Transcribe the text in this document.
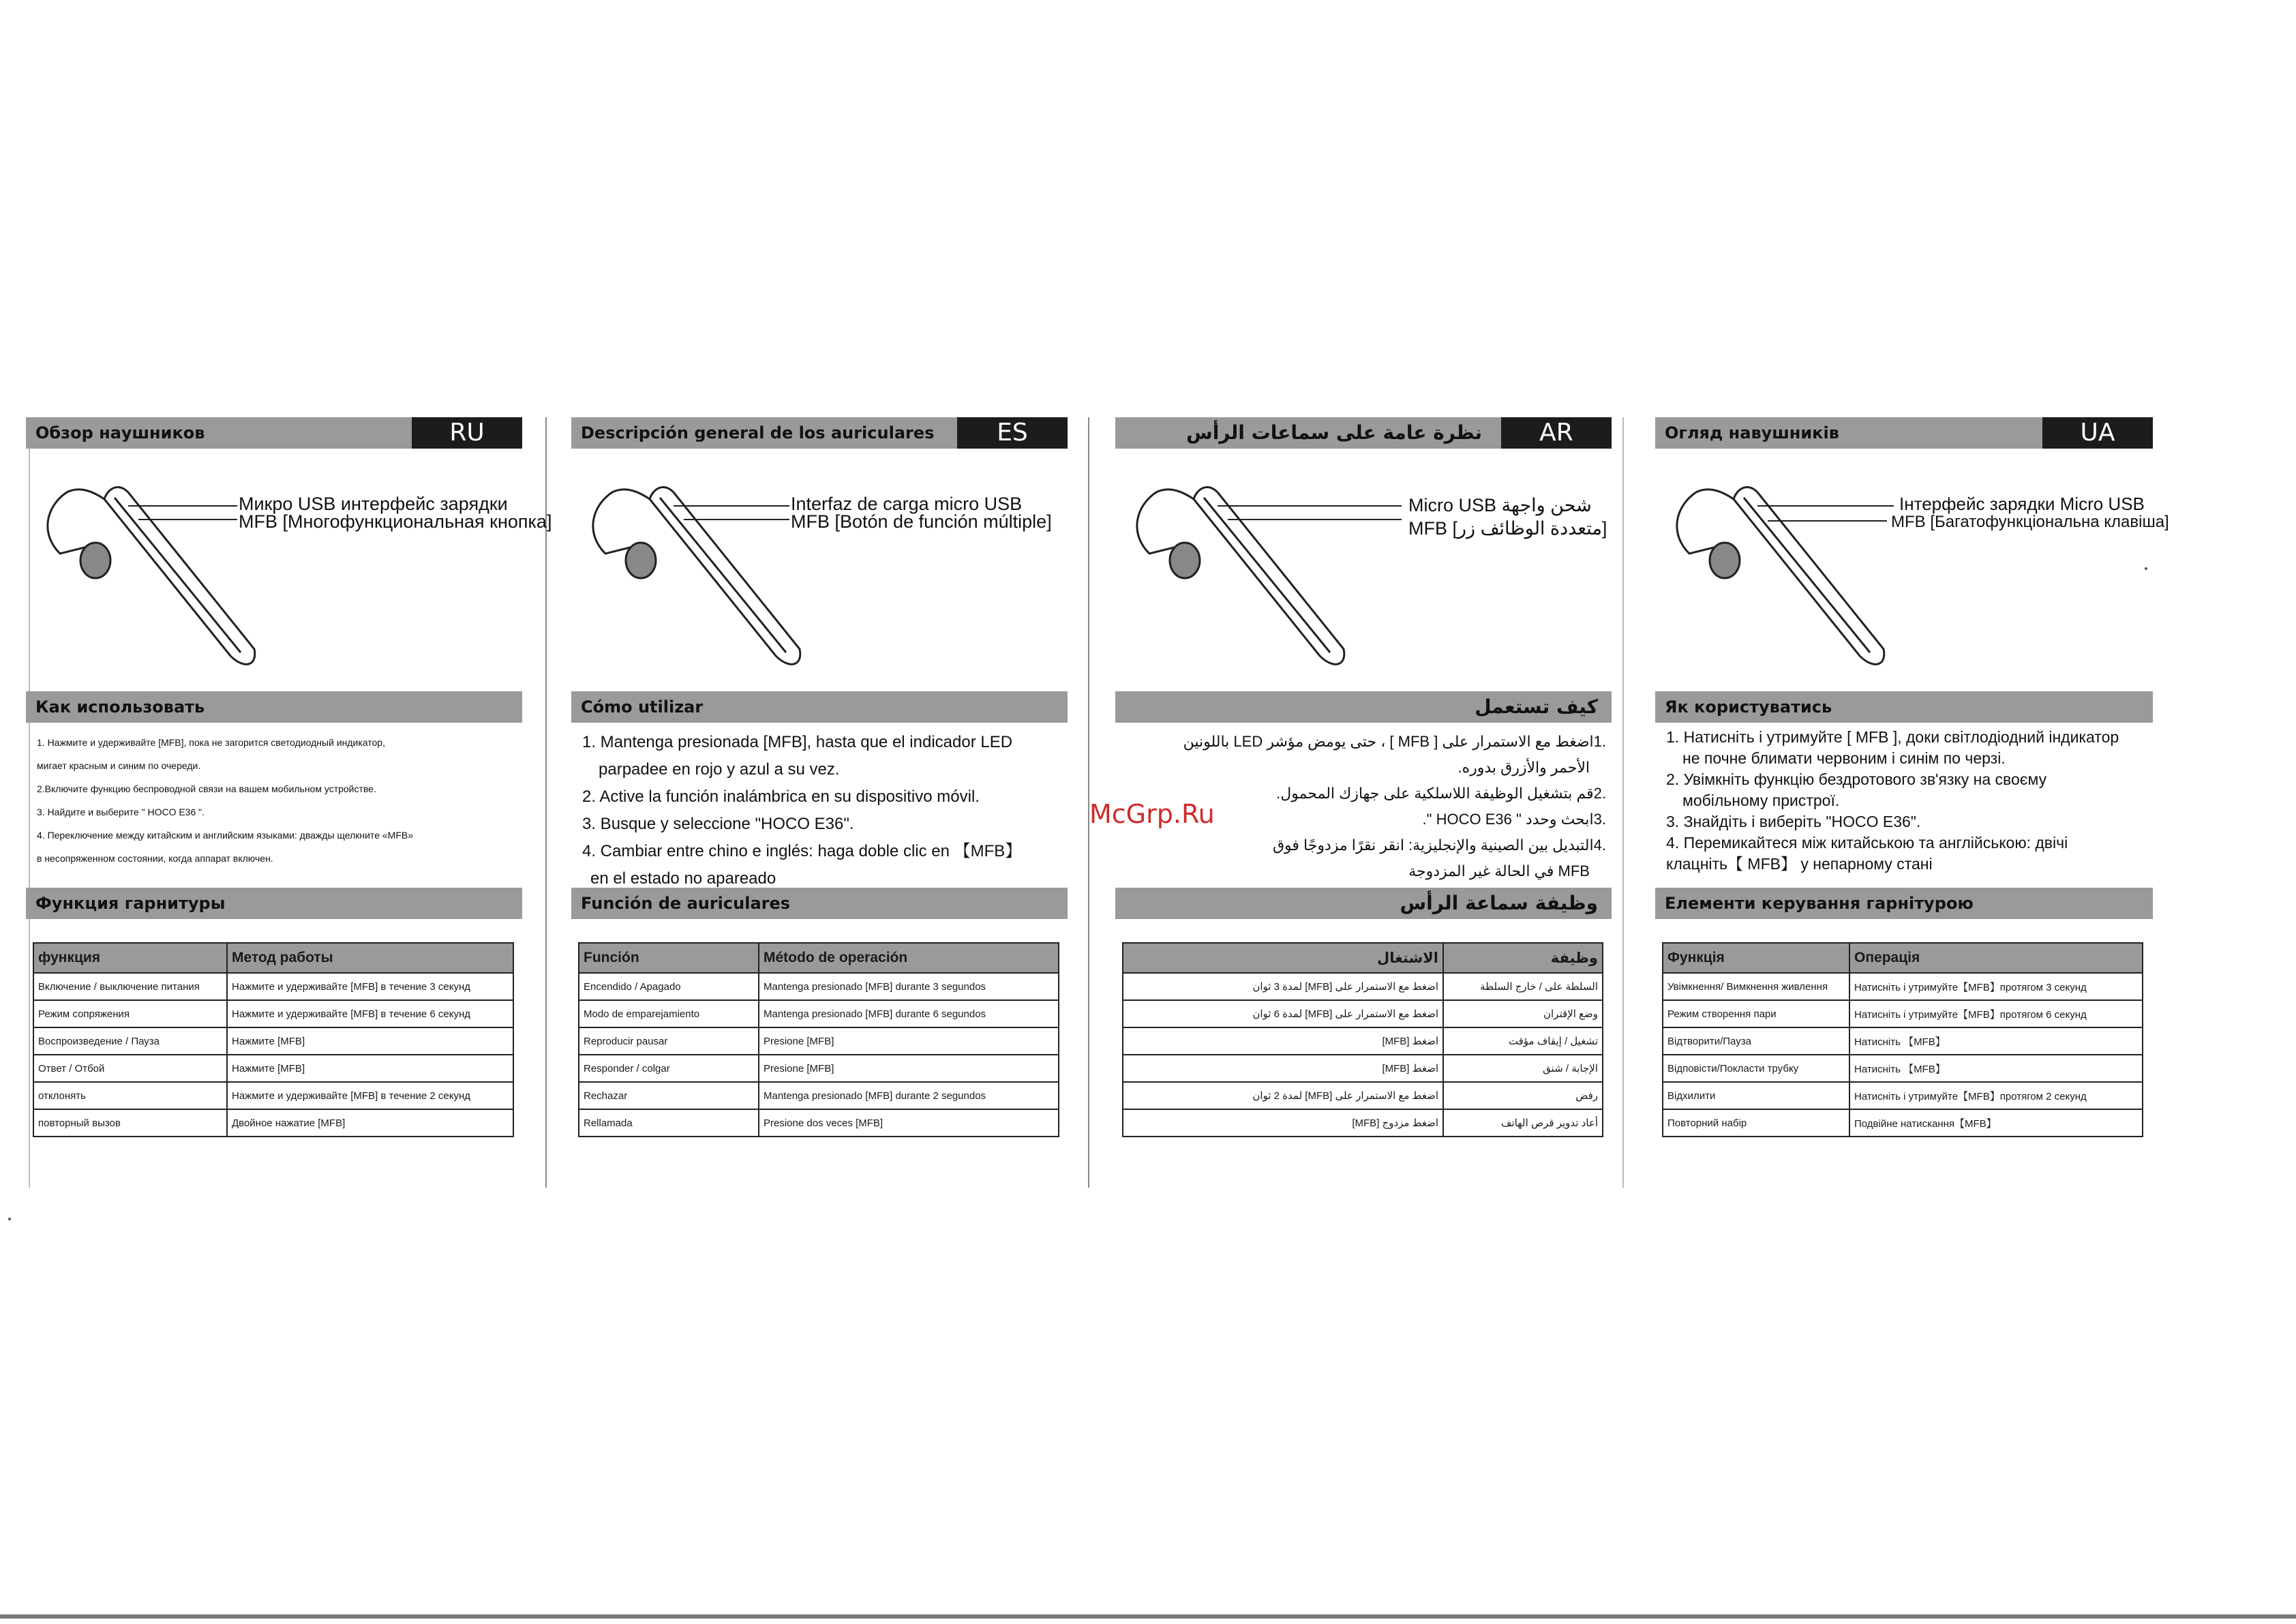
Обзор наушников	RU
Микро USB интерфейс зарядки
MFB [Многофункциональная кнопка]
Как использовать
1. Нажмите и удерживайте [MFB], пока не загорится светодиодный индикатор,
мигает красным и синим по очереди.
2.Включите функцию беспроводной связи на вашем мобильном устройстве.
3. Найдите и выберите " HOCO E36 ".
4. Переключение между китайским и английским языками: дважды щелкните «MFB»
в несопряженном состоянии, когда аппарат включен.
Функция гарнитуры
функция	Метод работы
Включение / выключение питания	Нажмите и удерживайте [MFB] в течение 3 секунд
Режим сопряжения	Нажмите и удерживайте [MFB] в течение 6 секунд
Воспроизведение / Пауза	Нажмите [MFB]
Ответ / Отбой	Нажмите [MFB]
отклонять	Нажмите и удерживайте [MFB] в течение 2 секунд
повторный вызов	Двойное нажатие [MFB]
Descripción general de los auriculares	ES
Interfaz de carga micro USB
MFB [Botón de función múltiple]
Cómo utilizar
1. Mantenga presionada [MFB], hasta que el indicador LED
parpadee en rojo y azul a su vez.
2. Active la función inalámbrica en su dispositivo móvil.
3. Busque y seleccione "HOCO E36".
4. Cambiar entre chino e inglés: haga doble clic en 【MFB】
en el estado no apareado
Función de auriculares
Función	Método de operación
Encendido / Apagado	Mantenga presionado [MFB] durante 3 segundos
Modo de emparejamiento	Mantenga presionado [MFB] durante 6 segundos
Reproducir pausar	Presione [MFB]
Responder / colgar	Presione [MFB]
Rechazar	Mantenga presionado [MFB] durante 2 segundos
Rellamada	Presione dos veces [MFB]
نظرة عامة على سماعات الرأس	AR
Micro USB شحن واجهة
MFB [متعددة الوظائف زر]
كيف تستعمل
.1اضغط مع الاستمرار على [ MFB ] ، حتى يومض مؤشر LED باللونين
الأحمر والأزرق بدوره.
.2قم بتشغيل الوظيفة اللاسلكية على جهازك المحمول.
.3ابحث وحدد " HOCO E36 ".
.4التبديل بين الصينية والإنجليزية: انقر نقرًا مزدوجًا فوق
MFB في الحالة غير المزدوجة
وظيفة سماعة الرأس
الاشتغال	وظيفة
اضغط مع الاستمرار على [MFB] لمدة 3 ثوان	السلطة على / خارج السلطة
اضغط مع الاستمرار على [MFB] لمدة 6 ثوان	وضع الإقتران
اضغط [MFB]	تشغيل / إيقاف مؤقت
اضغط [MFB]	الإجابة / شنق
اضغط مع الاستمرار على [MFB] لمدة 2 ثوان	رفض
اضغط مزدوج [MFB]	أعاد تدوير قرص الهاتف
Огляд навушників	UA
Інтерфейс зарядки Micro USB
MFB [Багатофункціональна клавіша]
Як користуватись
1. Натисніть і утримуйте [ MFB ], доки світлодіодний індикатор
не почне блимати червоним і синім по черзі.
2. Увімкніть функцію бездротового зв'язку на своєму
мобільному пристрої.
3. Знайдіть і виберіть "HOCO E36".
4. Перемикайтеся між китайською та англійською: двічі
клацніть【 MFB】 у непарному стані
Елементи керування гарнітурою
Функція	Операція
Увімкнення/ Вимкнення живлення	Натисніть і утримуйте【MFB】протягом 3 секунд
Режим створення пари	Натисніть і утримуйте【MFB】протягом 6 секунд
Відтворити/Пауза	Натисніть 【MFB】
Відповісти/Покласти трубку	Натисніть 【MFB】
Відхилити	Натисніть і утримуйте【MFB】протягом 2 секунд
Повторний набір	Подвійне натискання【MFB】
McGrp.Ru
